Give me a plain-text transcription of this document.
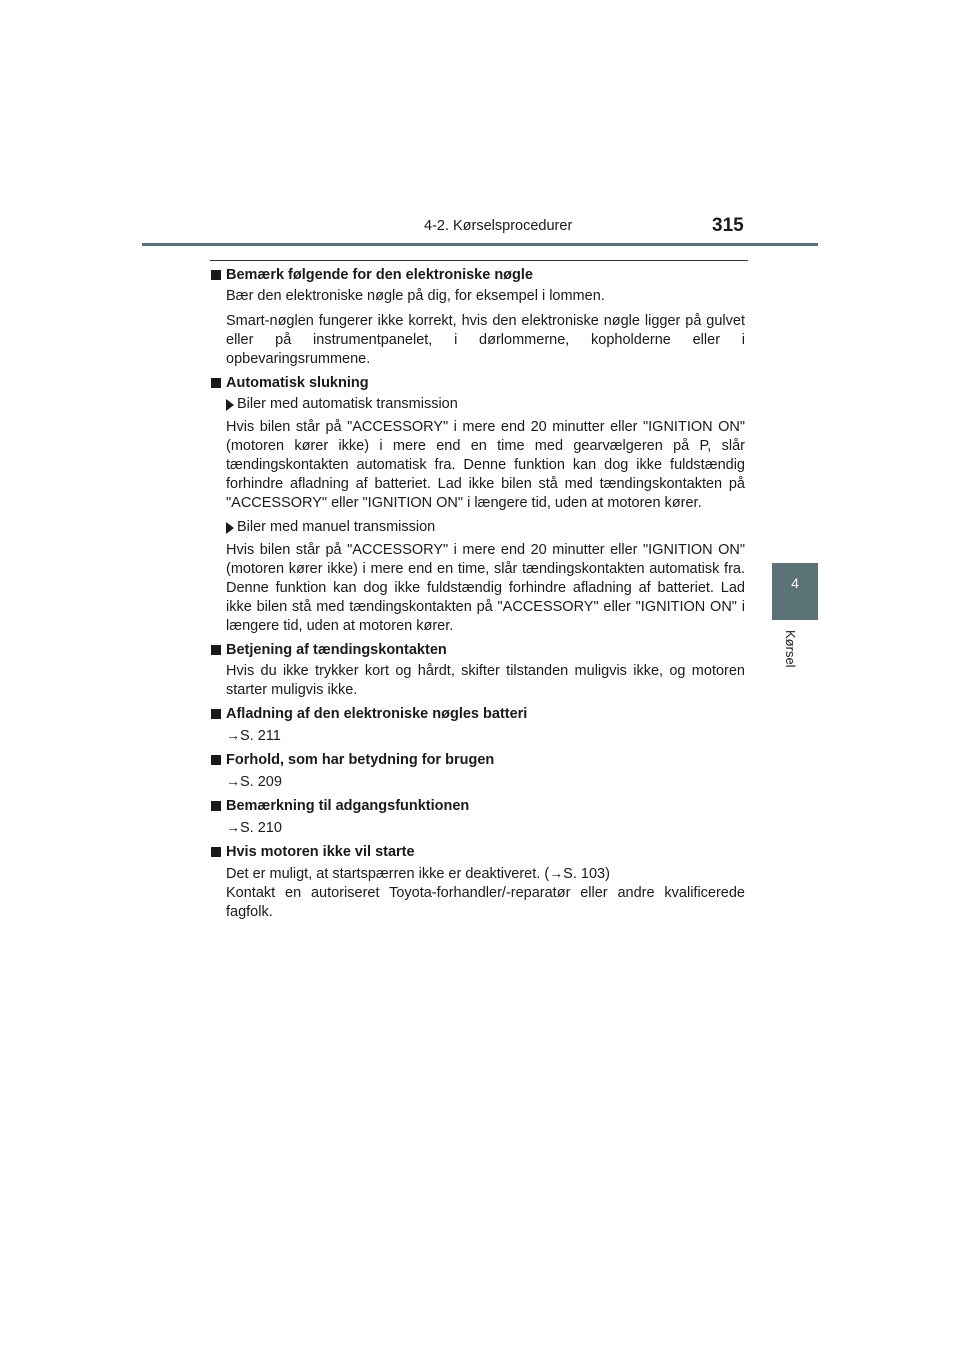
4-2. Kørselsprocedurer	315
4
Kørsel
Bemærk følgende for den elektroniske nøgle
Bær den elektroniske nøgle på dig, for eksempel i lommen.
Smart-nøglen fungerer ikke korrekt, hvis den elektroniske nøgle ligger på gulvet eller på instrumentpanelet, i dørlommerne, kopholderne eller i opbevaringsrummene.
Automatisk slukning
Biler med automatisk transmission
Hvis bilen står på "ACCESSORY" i mere end 20 minutter eller "IGNITION ON" (motoren kører ikke) i mere end en time med gearvælgeren på P, slår tændingskontakten automatisk fra. Denne funktion kan dog ikke fuldstændig forhindre afladning af batteriet. Lad ikke bilen stå med tændingskontakten på "ACCESSORY" eller "IGNITION ON" i længere tid, uden at motoren kører.
Biler med manuel transmission
Hvis bilen står på "ACCESSORY" i mere end 20 minutter eller "IGNITION ON" (motoren kører ikke) i mere end en time, slår tændingskontakten automatisk fra. Denne funktion kan dog ikke fuldstændig forhindre afladning af batteriet. Lad ikke bilen stå med tændingskontakten på "ACCESSORY" eller "IGNITION ON" i længere tid, uden at motoren kører.
Betjening af tændingskontakten
Hvis du ikke trykker kort og hårdt, skifter tilstanden muligvis ikke, og motoren starter muligvis ikke.
Afladning af den elektroniske nøgles batteri
→S. 211
Forhold, som har betydning for brugen
→S. 209
Bemærkning til adgangsfunktionen
→S. 210
Hvis motoren ikke vil starte
Det er muligt, at startspærren ikke er deaktiveret. (→S. 103)
Kontakt en autoriseret Toyota-forhandler/-reparatør eller andre kvalificerede fagfolk.
